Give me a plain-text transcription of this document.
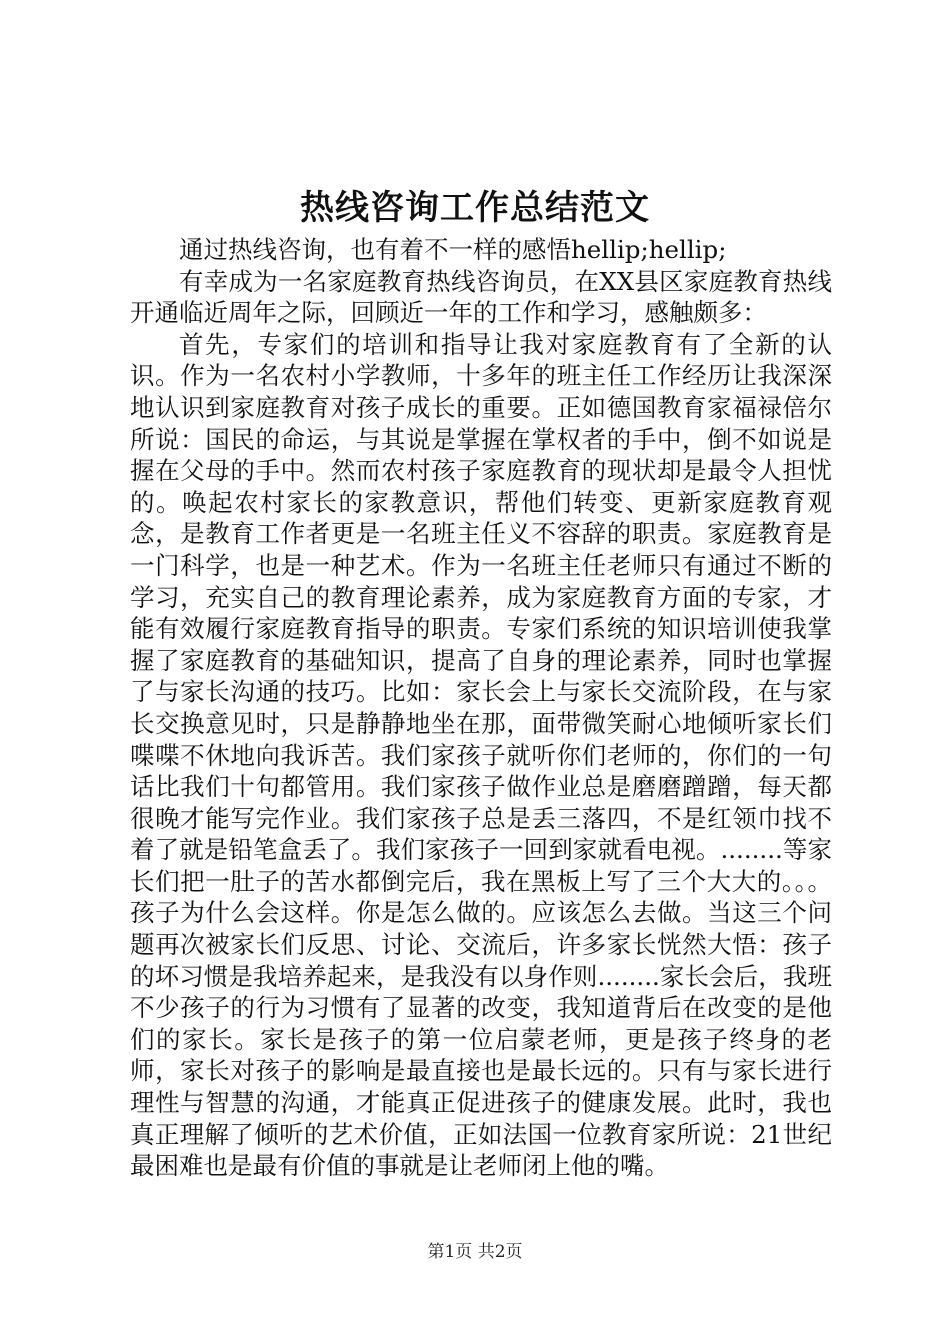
热线咨询工作总结范文

通过热线咨询，也有着不一样的感悟hellip;hellip;

有幸成为一名家庭教育热线咨询员，在XX县区家庭教育热线开通临近周年之际，回顾近一年的工作和学习，感触颇多：

首先，专家们的培训和指导让我对家庭教育有了全新的认识。作为一名农村小学教师，十多年的班主任工作经历让我深深地认识到家庭教育对孩子成长的重要。正如德国教育家福禄倍尔所说：国民的命运，与其说是掌握在掌权者的手中，倒不如说是握在父母的手中。然而农村孩子家庭教育的现状却是最令人担忧的。唤起农村家长的家教意识，帮他们转变、更新家庭教育观念，是教育工作者更是一名班主任义不容辞的职责。家庭教育是一门科学，也是一种艺术。作为一名班主任老师只有通过不断的学习，充实自己的教育理论素养，成为家庭教育方面的专家，才能有效履行家庭教育指导的职责。专家们系统的知识培训使我掌握了家庭教育的基础知识，提高了自身的理论素养，同时也掌握了与家长沟通的技巧。比如：家长会上与家长交流阶段，在与家长交换意见时，只是静静地坐在那，面带微笑耐心地倾听家长们喋喋不休地向我诉苦。我们家孩子就听你们老师的，你们的一句话比我们十句都管用。我们家孩子做作业总是磨磨蹭蹭，每天都很晚才能写完作业。我们家孩子总是丢三落四，不是红领巾找不着了就是铅笔盒丢了。我们家孩子一回到家就看电视。........等家长们把一肚子的苦水都倒完后，我在黑板上写了三个大大的。。。孩子为什么会这样。你是怎么做的。应该怎么去做。当这三个问题再次被家长们反思、讨论、交流后，许多家长恍然大悟：孩子的坏习惯是我培养起来，是我没有以身作则........家长会后，我班不少孩子的行为习惯有了显著的改变，我知道背后在改变的是他们的家长。家长是孩子的第一位启蒙老师，更是孩子终身的老师，家长对孩子的影响是最直接也是最长远的。只有与家长进行理性与智慧的沟通，才能真正促进孩子的健康发展。此时，我也真正理解了倾听的艺术价值，正如法国一位教育家所说：21世纪最困难也是最有价值的事就是让老师闭上他的嘴。

第1页 共2页
